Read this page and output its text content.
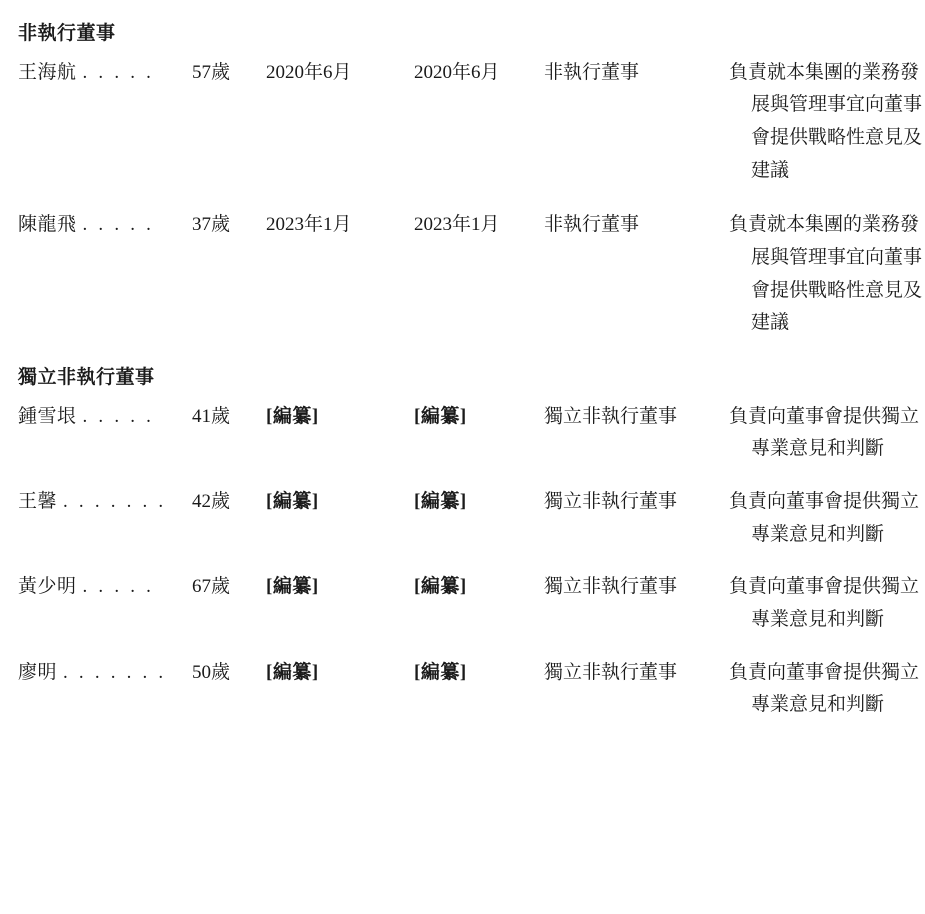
非執行董事					
王海航 . . . . .	57歲	2020年6月	2020年6月	非執行董事	負責就本集團的業務發展與管理事宜向董事會提供戰略性意見及建議

陳龍飛 . . . . .	37歲	2023年1月	2023年1月	非執行董事	負責就本集團的業務發展與管理事宜向董事會提供戰略性意見及建議

獨立非執行董事					
鍾雪垠 . . . . .	41歲	[編纂]	[編纂]	獨立非執行董事	負責向董事會提供獨立專業意見和判斷

王馨 . . . . . . .	42歲	[編纂]	[編纂]	獨立非執行董事	負責向董事會提供獨立專業意見和判斷

黃少明 . . . . .	67歲	[編纂]	[編纂]	獨立非執行董事	負責向董事會提供獨立專業意見和判斷

廖明 . . . . . . .	50歲	[編纂]	[編纂]	獨立非執行董事	負責向董事會提供獨立專業意見和判斷
